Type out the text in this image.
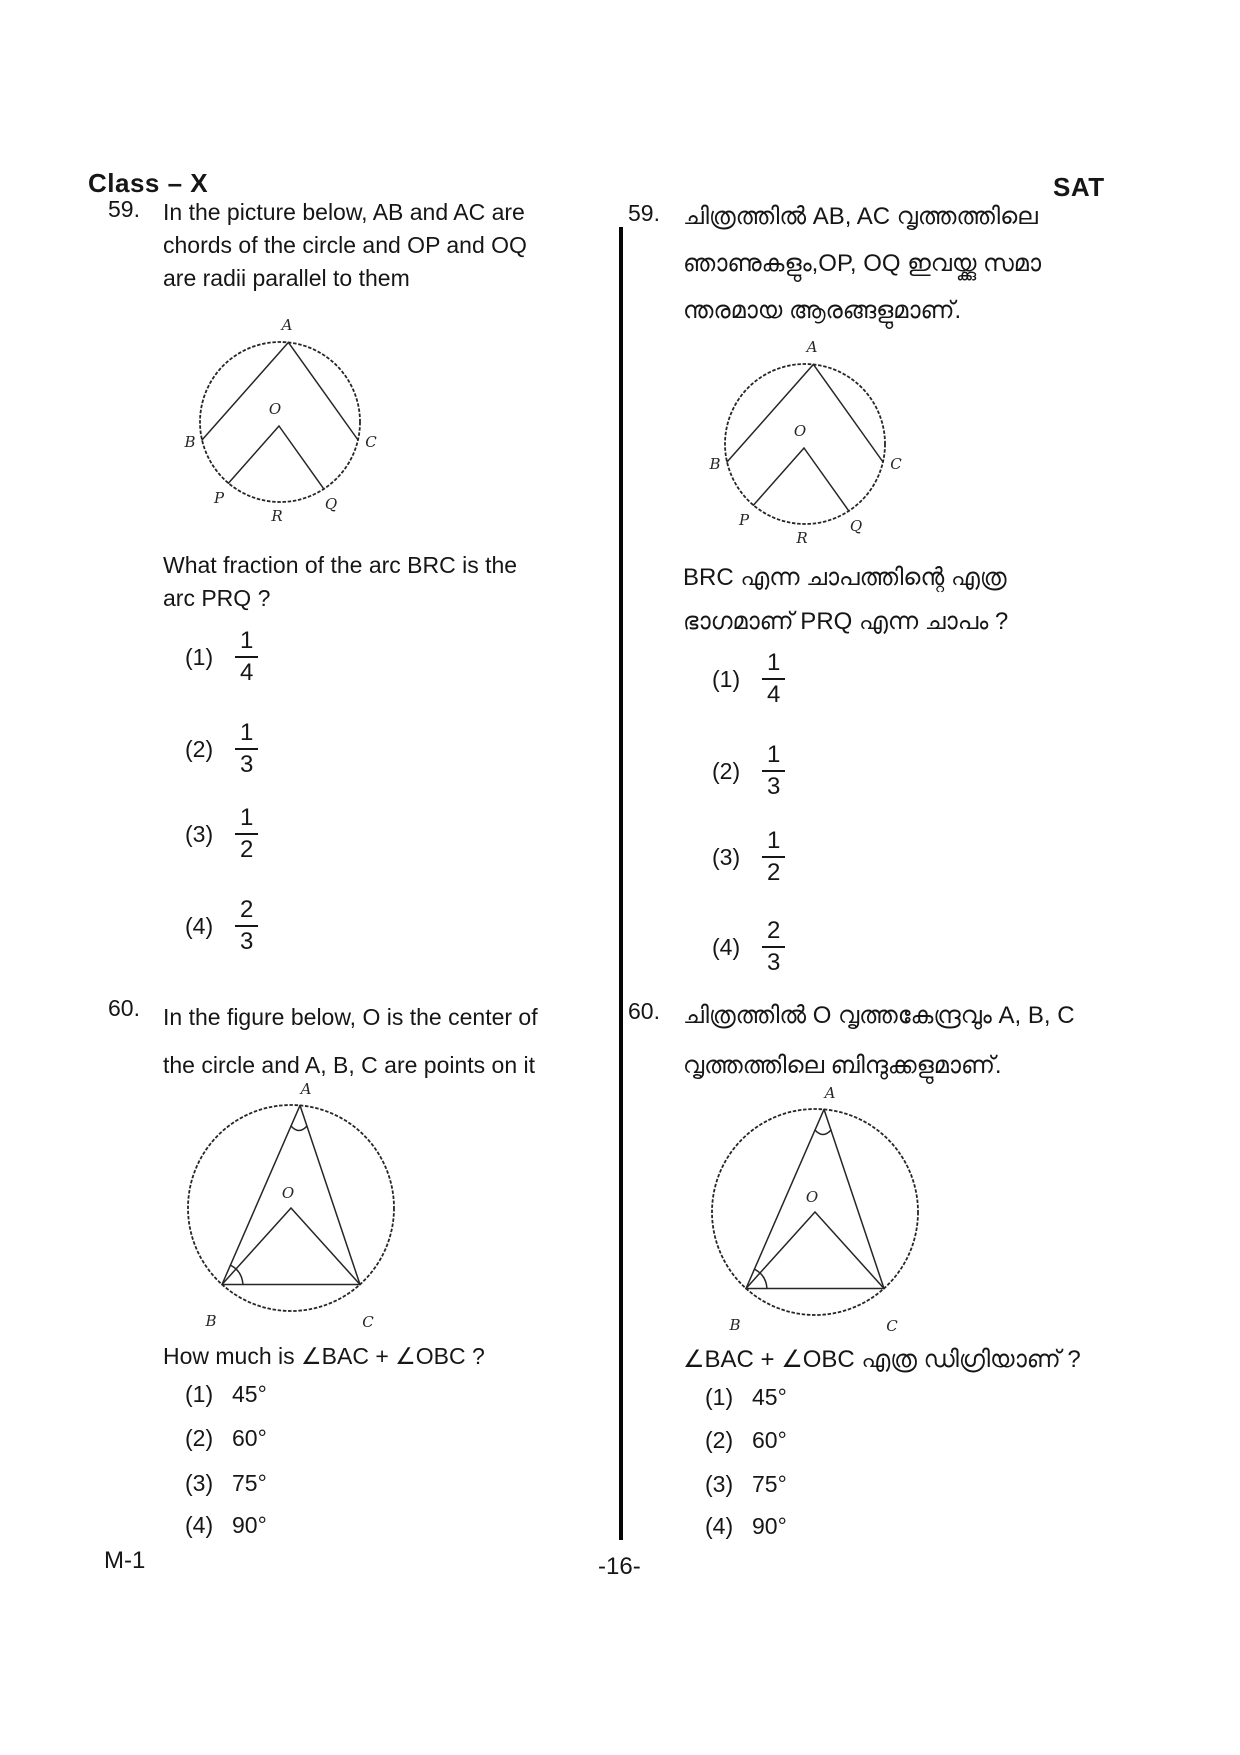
Class – X	SAT
59. In the picture below, AB and AC are
chords of the circle and OP and OQ
are radii parallel to them
A
B	C
O
P	Q
R
What fraction of the arc BRC is the
arc PRQ ?
$(1) \frac{1}{4}$
$(2) \frac{1}{3}$
$(3) \frac{1}{2}$
$(4) \frac{2}{3}$
59. ചിത്രത്തിൽ AB, AC വൃത്തത്തിലെ
ഞാണുകളും,OP, OQ ഇവയ്ക്കു സമാ
ന്തരമായ ആരങ്ങളുമാണ്.
A
B	C
O
P	Q
R
BRC എന്ന ചാപത്തിന്റെ എത്ര
ഭാഗമാണ് PRQ എന്ന ചാപം ?
$(1) \frac{1}{4}$
$(2) \frac{1}{3}$
$(3) \frac{1}{2}$
$(4) \frac{2}{3}$
60. In the figure below, O is the center of
the circle and A, B, C are points on it
A
B	C
O
How much is ∠BAC + ∠OBC ?
(1) 45°
(2) 60°
(3) 75°
(4) 90°
60. ചിത്രത്തിൽ O വൃത്തകേന്ദ്രവും A, B, C
വൃത്തത്തിലെ ബിന്ദുക്കളുമാണ്.
A
B	C
O
∠BAC + ∠OBC എത്ര ഡിഗ്രിയാണ് ?
(1) 45°
(2) 60°
(3) 75°
(4) 90°
M-1	-16-
